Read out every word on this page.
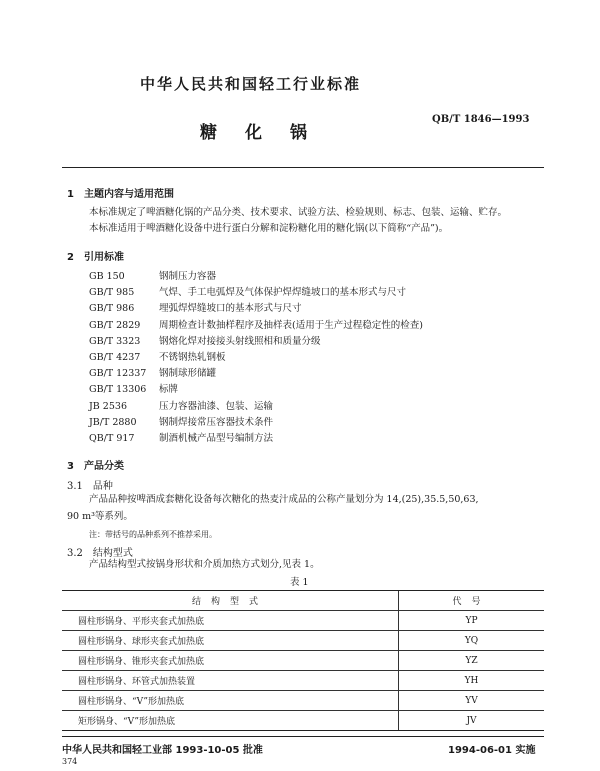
中华人民共和国轻工行业标准
QB/T 1846—1993
糖化锅
1　主题内容与适用范围
本标准规定了啤酒糖化锅的产品分类、技术要求、试验方法、检验规则、标志、包装、运输、贮存。
本标准适用于啤酒糖化设备中进行蛋白分解和淀粉糖化用的糖化锅(以下简称“产品”)。
2　引用标准
GB 150	钢制压力容器
GB/T 985	气焊、手工电弧焊及气体保护焊焊缝坡口的基本形式与尺寸
GB/T 986	埋弧焊焊缝坡口的基本形式与尺寸
GB/T 2829 周期检查计数抽样程序及抽样表(适用于生产过程稳定性的检查)
GB/T 3323 钢熔化焊对接接头射线照相和质量分级
GB/T 4237 不锈钢热轧钢板
GB/T 12337 钢制球形储罐
GB/T 13306 标牌
JB 2536	压力容器油漆、包装、运输
JB/T 2880 钢制焊接常压容器技术条件
QB/T 917	制酒机械产品型号编制方法
3　产品分类
3.1　品种
产品品种按啤酒成套糖化设备每次糖化的热麦汁成品的公称产量划分为 14,(25),35.5,50,63,
90 m³等系列。
注：带括号的品种系列不推荐采用。
3.2　结构型式
产品结构型式按锅身形状和介质加热方式划分,见表 1。
表 1
结构型式	代号
圆柱形锅身、平形夹套式加热底	YP
圆柱形锅身、球形夹套式加热底	YQ
圆柱形锅身、锥形夹套式加热底	YZ
圆柱形锅身、环管式加热装置	YH
圆柱形锅身、“V”形加热底	YV
矩形锅身、“V”形加热底	JV
中华人民共和国轻工业部 1993-10-05 批准	1994-06-01 实施
374
